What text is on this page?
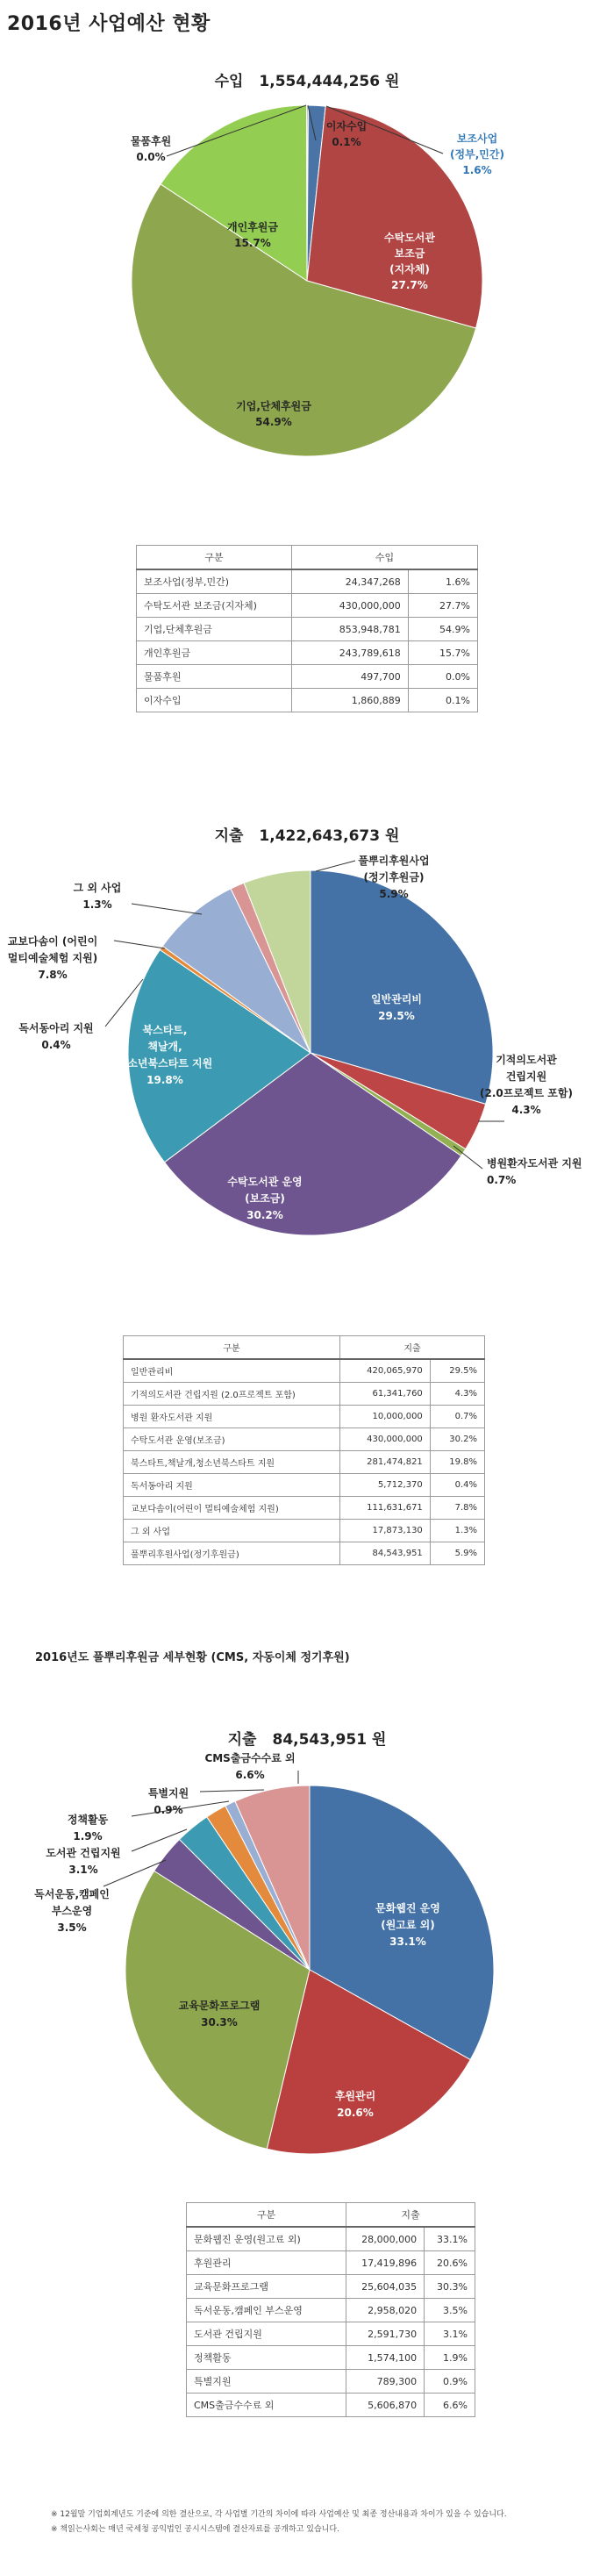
2016년 사업예산 현황
수입 1,554,444,256 원
이자수입 0.1%	보조사업 (정부,민간) 1.6%
수탁도서관 보조금 (지자체) 27.7%
기업,단체후원금 54.9%
개인후원금 15.7%
물품후원 0.0%
구분	수입	
보조사업(정부,민간)	24,347,268	1.6%
수탁도서관 보조금(지자체)	430,000,000	27.7%
기업,단체후원금	853,948,781	54.9%
개인후원금	243,789,618	15.7%
물품후원	497,700	0.0%
이자수입	1,860,889	0.1%
지출 1,422,643,673 원
일반관리비 29.5%
기적의도서관 건립지원 (2.0프로젝트 포함) 4.3%
병원환자도서관 지원 0.7%
수탁도서관 운영 (보조금) 30.2%
북스타트, 책날개, 청소년북스타트 지원 19.8%
독서동아리 지원 0.4%
교보다솜이 (어린이 멀티예술체험 지원) 7.8%
그 외 사업 1.3%
풀뿌리후원사업 (정기후원금) 5.9%
구분	지출	
일반관리비	420,065,970	29.5%
기적의도서관 건립지원 (2.0프로젝트 포함)	61,341,760	4.3%
병원 환자도서관 지원	10,000,000	0.7%
수탁도서관 운영(보조금)	430,000,000	30.2%
북스타트,책날개,청소년북스타트 지원	281,474,821	19.8%
독서동아리 지원	5,712,370	0.4%
교보다솜이(어린이 멀티예술체험 지원)	111,631,671	7.8%
그 외 사업	17,873,130	1.3%
풀뿌리후원사업(정기후원금)	84,543,951	5.9%
2016년도 풀뿌리후원금 세부현황 (CMS, 자동이체 정기후원)
지출 84,543,951 원
문화웹진 운영 (원고료 외) 33.1%
후원관리 20.6%
교육문화프로그램 30.3%
독서운동,캠페인 부스운영 3.5%
도서관 건립지원 3.1%
정책활동 1.9%
특별지원 0.9%
CMS출금수수료 외 6.6%
구분	지출	
문화웹진 운영(원고료 외)	28,000,000	33.1%
후원관리	17,419,896	20.6%
교육문화프로그램	25,604,035	30.3%
독서운동,캠페인 부스운영	2,958,020	3.5%
도서관 건립지원	2,591,730	3.1%
정책활동	1,574,100	1.9%
특별지원	789,300	0.9%
CMS출금수수료 외	5,606,870	6.6%
※ 12월말 기업회계년도 기준에 의한 결산으로, 각 사업별 기간의 차이에 따라 사업예산 및 최종 정산내용과 차이가 있을 수 있습니다.
※ 책읽는사회는 매년 국세청 공익법인 공시시스템에 결산자료를 공개하고 있습니다.
